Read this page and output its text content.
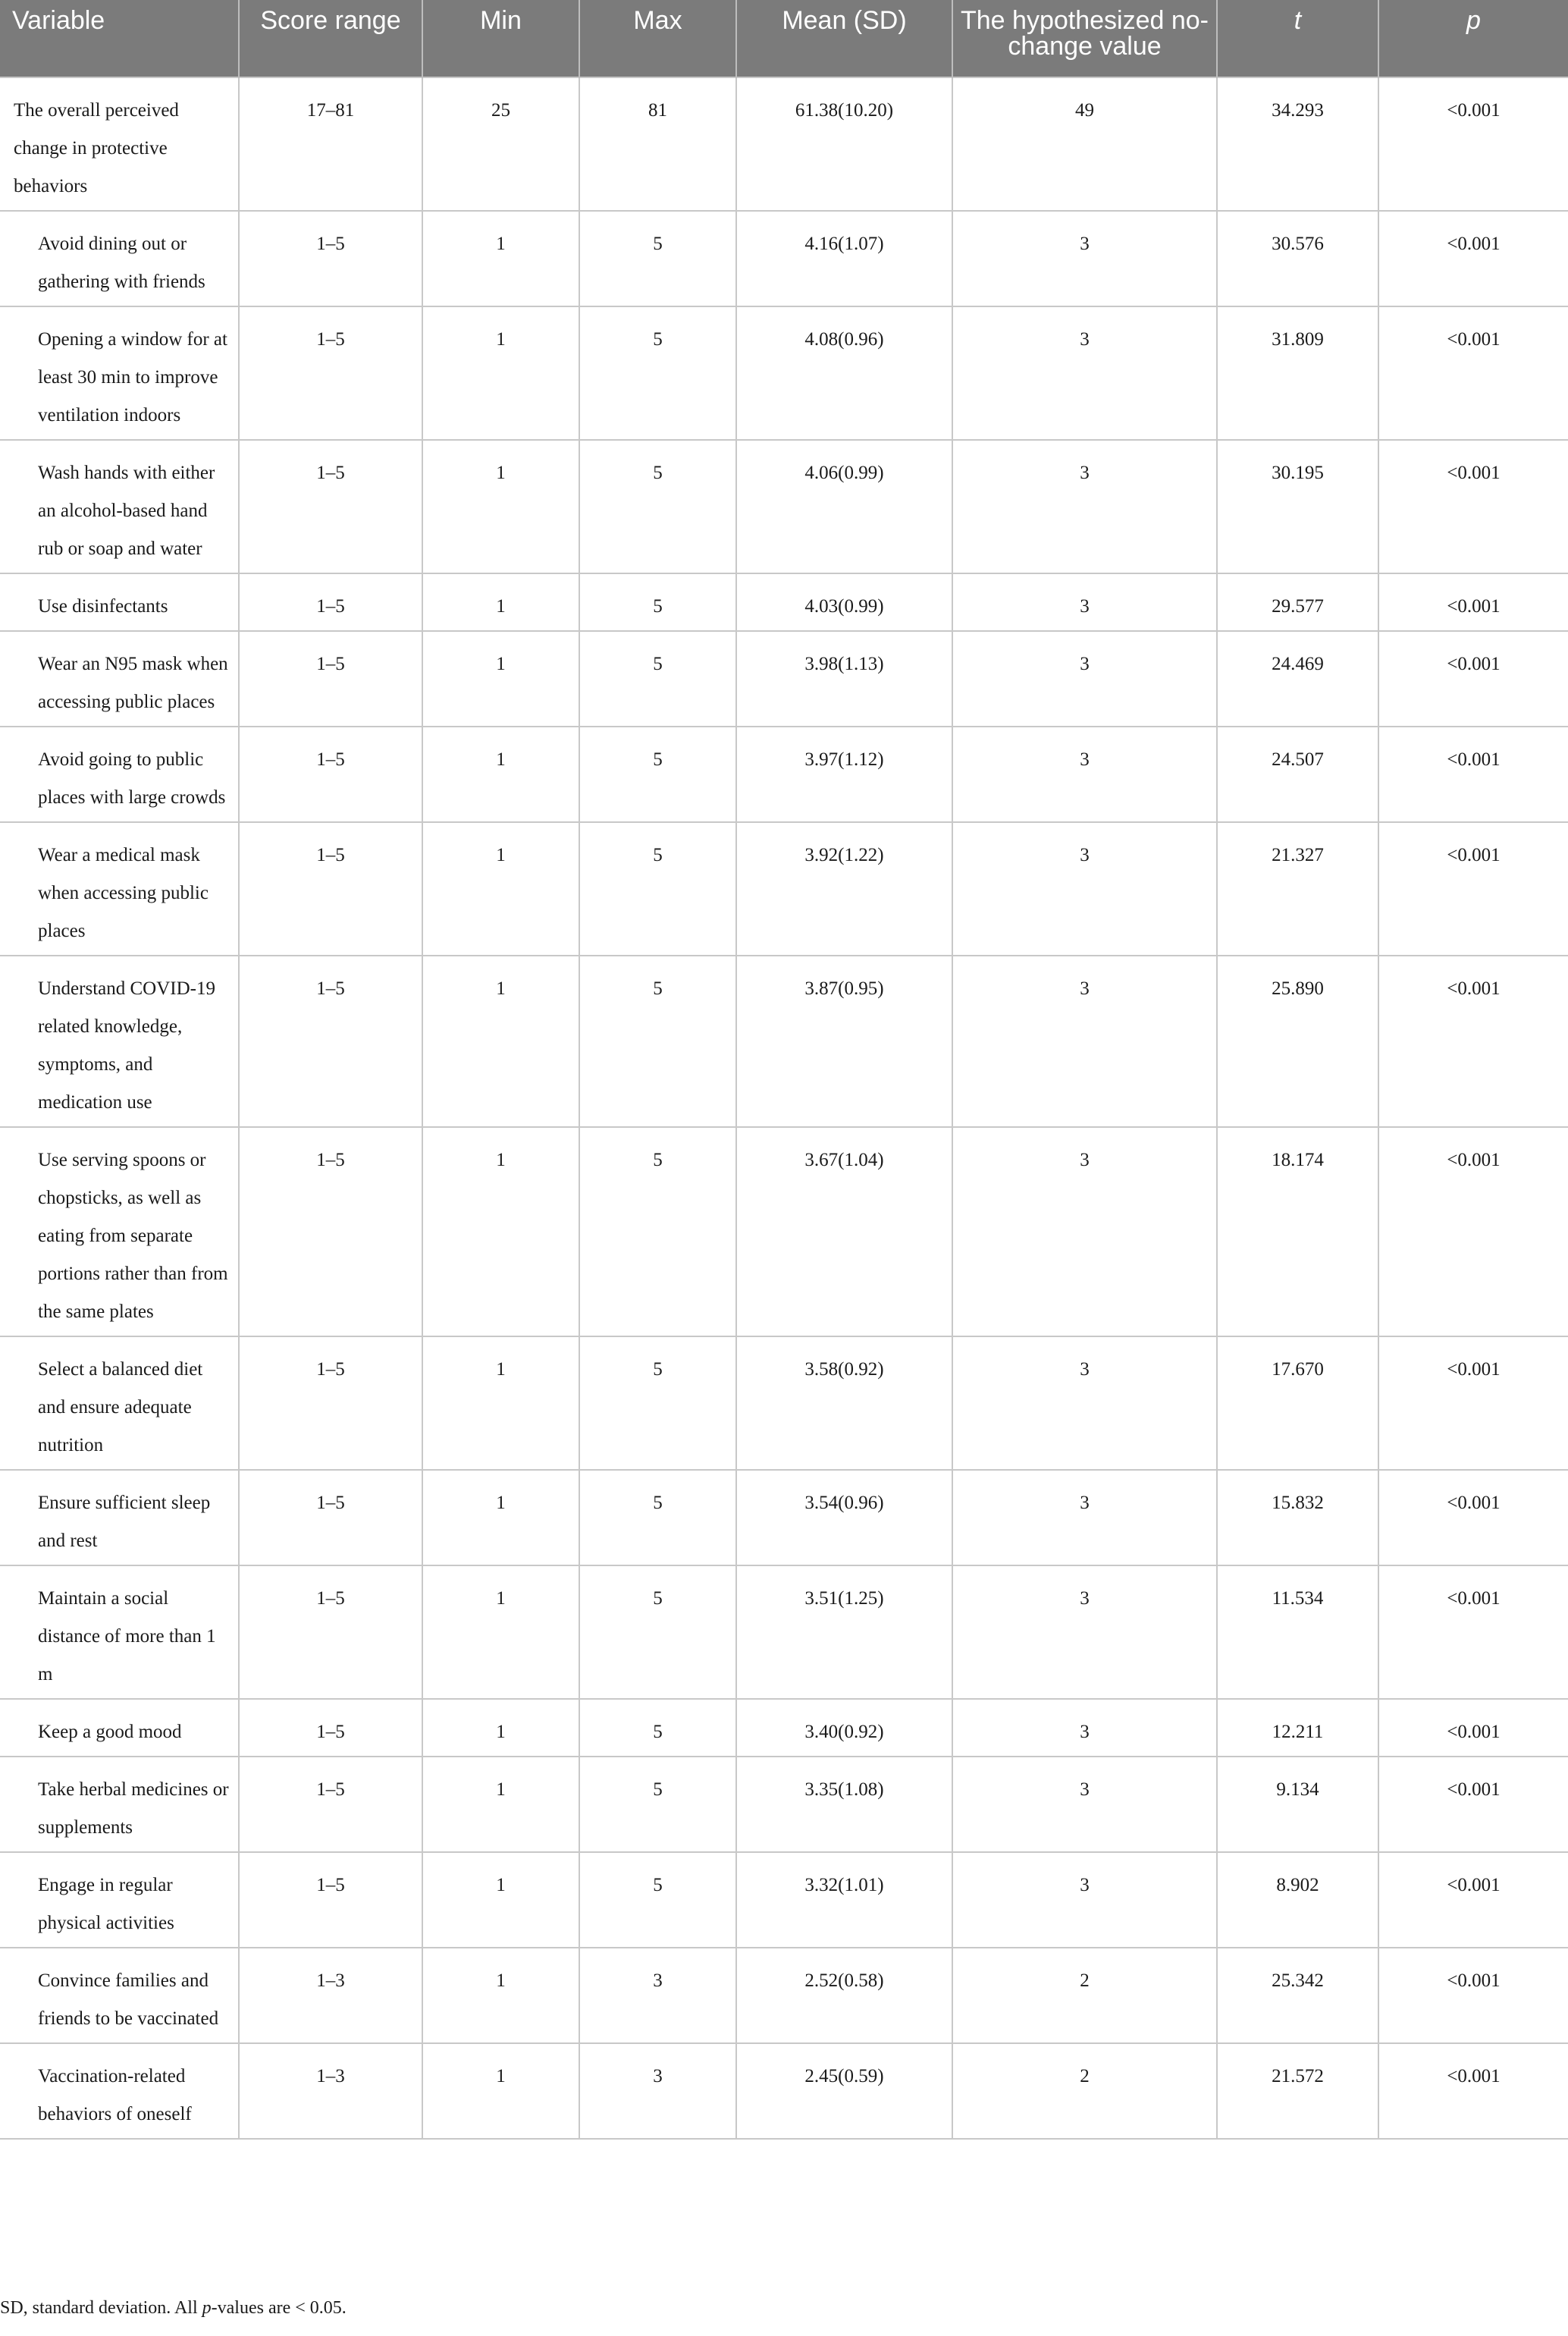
Variable	Score range	Min	Max	Mean (SD)	The hypothesized no-change value	t	p
The overall perceived change in protective behaviors	17–81	25	81	61.38(10.20)	49	34.293	<0.001
Avoid dining out or gathering with friends	1–5	1	5	4.16(1.07)	3	30.576	<0.001
Opening a window for at least 30 min to improve ventilation indoors	1–5	1	5	4.08(0.96)	3	31.809	<0.001
Wash hands with either an alcohol-based hand rub or soap and water	1–5	1	5	4.06(0.99)	3	30.195	<0.001
Use disinfectants	1–5	1	5	4.03(0.99)	3	29.577	<0.001
Wear an N95 mask when accessing public places	1–5	1	5	3.98(1.13)	3	24.469	<0.001
Avoid going to public places with large crowds	1–5	1	5	3.97(1.12)	3	24.507	<0.001
Wear a medical mask when accessing public places	1–5	1	5	3.92(1.22)	3	21.327	<0.001
Understand COVID-19 related knowledge, symptoms, and medication use	1–5	1	5	3.87(0.95)	3	25.890	<0.001
Use serving spoons or chopsticks, as well as eating from separate portions rather than from the same plates	1–5	1	5	3.67(1.04)	3	18.174	<0.001
Select a balanced diet and ensure adequate nutrition	1–5	1	5	3.58(0.92)	3	17.670	<0.001
Ensure sufficient sleep and rest	1–5	1	5	3.54(0.96)	3	15.832	<0.001
Maintain a social distance of more than 1 m	1–5	1	5	3.51(1.25)	3	11.534	<0.001
Keep a good mood	1–5	1	5	3.40(0.92)	3	12.211	<0.001
Take herbal medicines or supplements	1–5	1	5	3.35(1.08)	3	9.134	<0.001
Engage in regular physical activities	1–5	1	5	3.32(1.01)	3	8.902	<0.001
Convince families and friends to be vaccinated	1–3	1	3	2.52(0.58)	2	25.342	<0.001
Vaccination-related behaviors of oneself	1–3	1	3	2.45(0.59)	2	21.572	<0.001
SD, standard deviation. All p-values are < 0.05.
